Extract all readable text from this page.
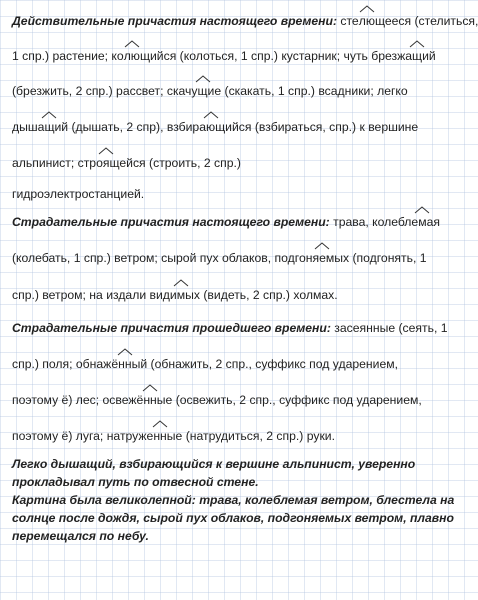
Действительные причастия настоящего времени: стелю
щееся (стелиться,
1 спр.) растение; колю
щийся (колоться, 1 спр.) кустарник; чуть брезжащ
ий
(брезжить, 2 спр.) рассвет; скачущ
ие (скакать, 1 спр.) всадники; легко
дышащ
ий (дышать, 2 спр), взбираю
щийся (взбираться, спр.) к вершине
альпинист; строя
щейся (строить, 2 спр.)
гидроэлектростанцией.
Страдательные причастия настоящего времени: трава, колеблем
ая
(колебать, 1 спр.) ветром; сырой пух облаков, подгоняе
мых (подгонять, 1
спр.) ветром; на издали видим
ых (видеть, 2 спр.) холмах.
Страдательные причастия прошедшего времени: засеянные (сеять, 1
спр.) поля; обнажённ
ый (обнажить, 2 спр., суффикс под ударением,
поэтому ё) лес; освежённ
ые (освежить, 2 спр., суффикс под ударением,
поэтому ё) луга; натруженн
ые (натрудиться, 2 спр.) руки.
Легко дышащий, взбирающийся к вершине альпинист, уверенно
прокладывал путь по отвесной стене.
Картина была великолепной: трава, колеблемая ветром, блестела на
солнце после дождя, сырой пух облаков, подгоняемых ветром, плавно
перемещался по небу.
